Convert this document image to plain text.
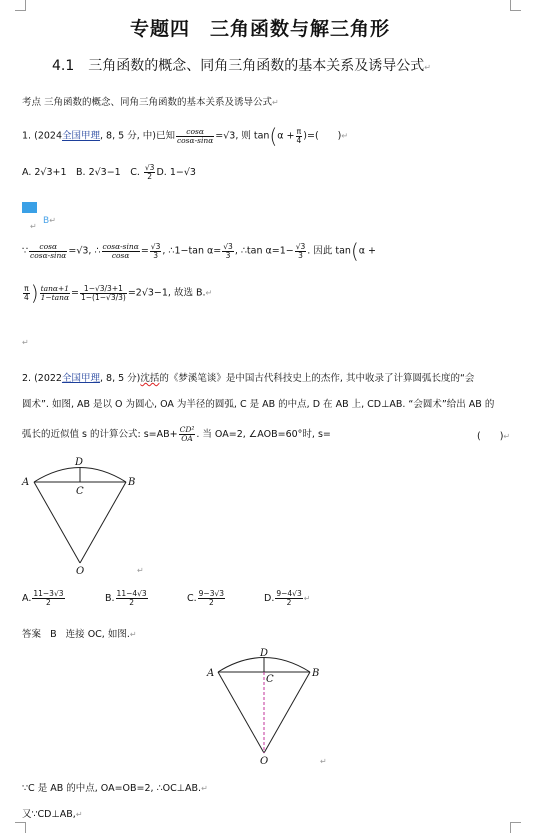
专题四　三角函数与解三角形
4.1　三角函数的概念、同角三角函数的基本关系及诱导公式↵
考点 三角函数的概念、同角三角函数的基本关系及诱导公式↵
1. (2024全国甲理, 8, 5 分, 中)已知 $\frac{\cos\alpha}{\cos\alpha-\sin\alpha} =√3$, 则 $\tan(\alpha + \frac{\pi}{4}$ )=(　　)↵
A. 2√3+1　B. 2√3−1　C. $\frac{√3}{2} D$. 1−√3
B↵
↵
∵ $\frac{\cos\alpha}{\cos\alpha-\sin\alpha} =√3$, ∴ $\frac{\cos\alpha-\sin\alpha}{\cos\alpha} = \frac{√3}{3}$ , ∴1−tan $\alpha= \frac{√3}{3}$ , ∴tan $\alpha=1- \frac{√3}{3}$ . 因此 tan(α +
$\frac{\pi}{4}$ ) $\frac{\tan\alpha+1}{1-\tan\alpha} = \frac{1-√3/3+1}{1-(1-√3/3)} =2√3-1$, 故选 B.↵
↵
2. (2022全国甲理, 8, 5 分)沈括的《梦溪笔谈》是中国古代科技史上的杰作, 其中收录了计算圆弧长度的“会
圆术”. 如图, AB 是以 O 为圆心, OA 为半径的圆弧, C 是 AB 的中点, D 在 AB 上, CD⊥AB. “会圆术”给出 AB 的
弧长的近似值 s 的计算公式: $s=AB+ \frac{\text{CD²}}{OA}$ . 当 OA=2, ∠AOB=60°时, s=	(　　)↵
A	B
C
D
O	↵
A. $\frac{11-3√3}{2}$	B. $\frac{11-4√3}{2}$	C. $\frac{9-3√3}{2}$	D. $\frac{9-4√3}{2}$ ↵
答案 B 连接 OC, 如图.↵
A	B
C
D
O	↵
∵C 是 AB 的中点, OA=OB=2, ∴OC⊥AB.↵
又∵CD⊥AB,↵
